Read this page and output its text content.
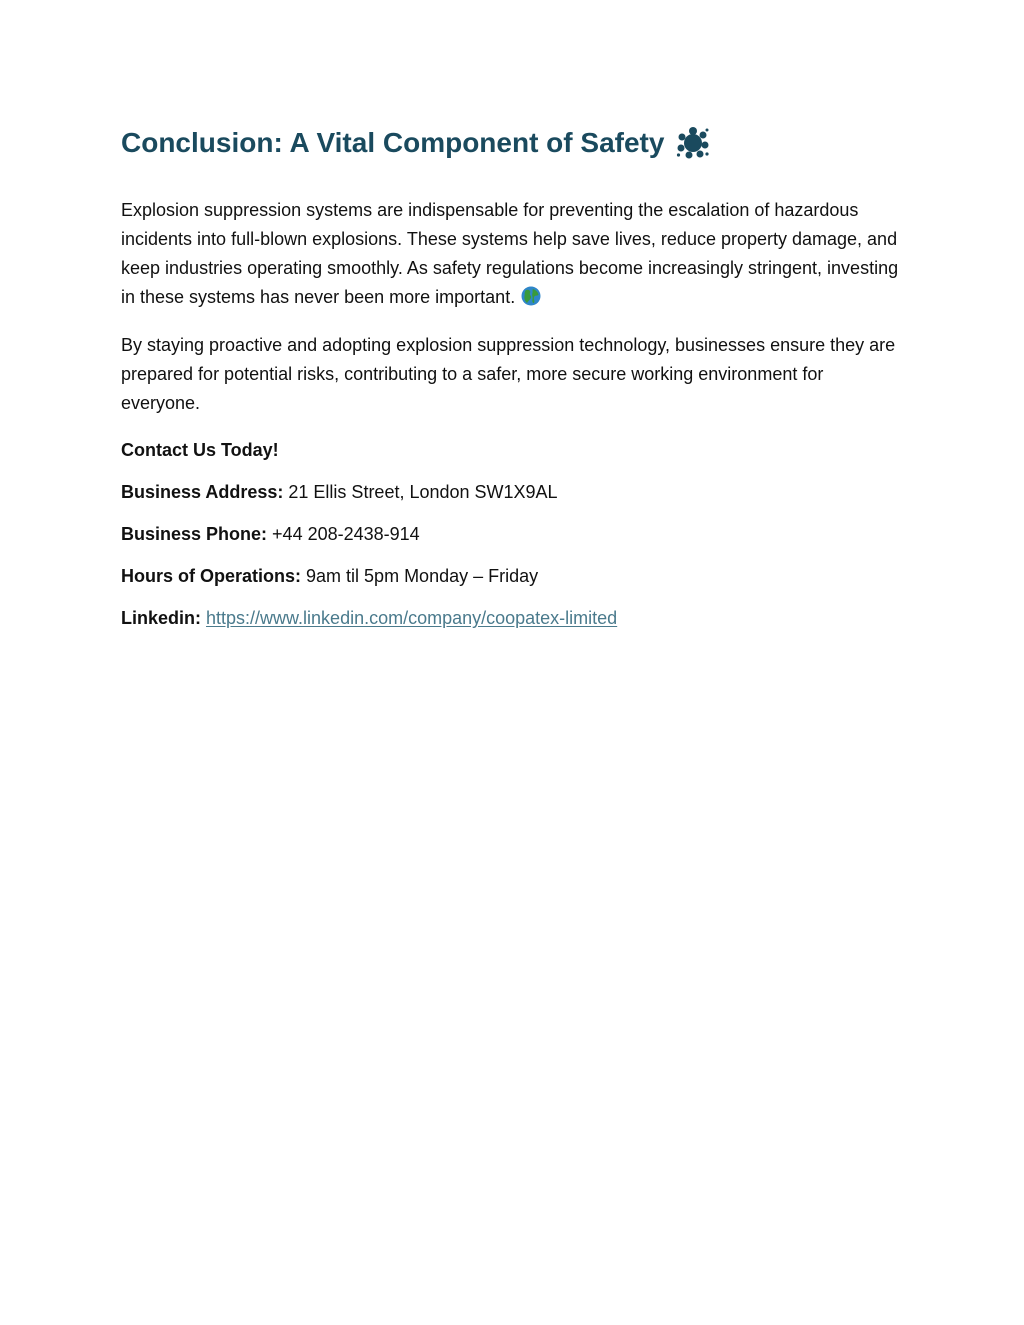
Conclusion: A Vital Component of Safety

Explosion suppression systems are indispensable for preventing the escalation of hazardous incidents into full-blown explosions. These systems help save lives, reduce property damage, and keep industries operating smoothly. As safety regulations become increasingly stringent, investing in these systems has never been more important.

By staying proactive and adopting explosion suppression technology, businesses ensure they are prepared for potential risks, contributing to a safer, more secure working environment for everyone.

Contact Us Today!

Business Address: 21 Ellis Street, London SW1X9AL

Business Phone: +44 208-2438-914

Hours of Operations: 9am til 5pm Monday – Friday

Linkedin: https://www.linkedin.com/company/coopatex-limited
